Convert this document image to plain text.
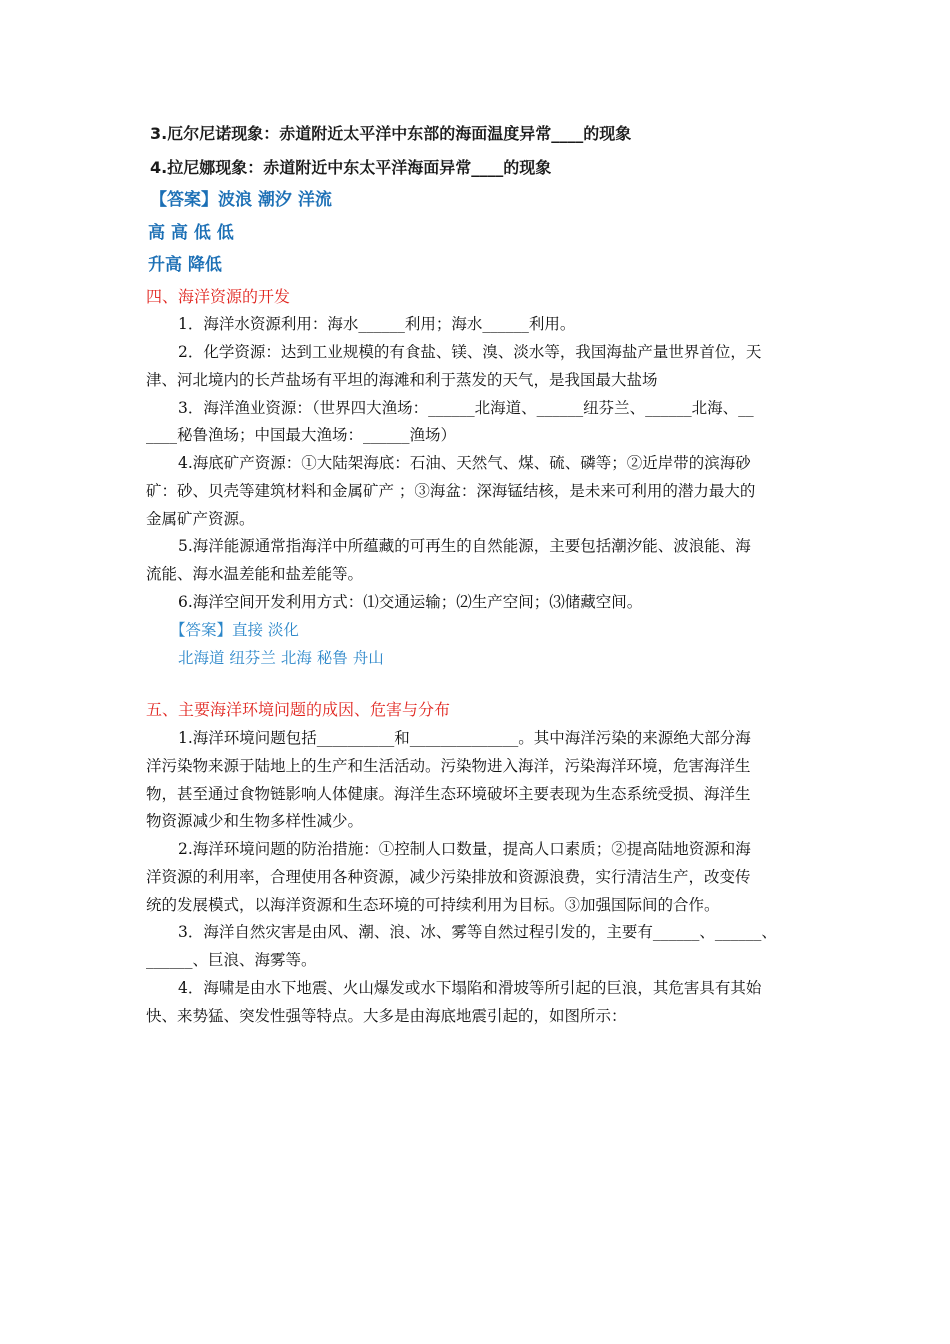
3.厄尔尼诺现象：赤道附近太平洋中东部的海面温度异常____的现象
4.拉尼娜现象：赤道附近中东太平洋海面异常____的现象
【答案】波浪 潮汐 洋流
高 高 低 低
升高 降低
四、海洋资源的开发
1．海洋水资源利用：海水______利用；海水______利用。
2．化学资源：达到工业规模的有食盐、镁、溴、淡水等，我国海盐产量世界首位，天
津、河北境内的长芦盐场有平坦的海滩和利于蒸发的天气，是我国最大盐场
3．海洋渔业资源：（世界四大渔场：______北海道、______纽芬兰、______北海、__
____秘鲁渔场；中国最大渔场：______渔场）
4.海底矿产资源：①大陆架海底：石油、天然气、煤、硫、磷等；②近岸带的滨海砂
矿：砂、贝壳等建筑材料和金属矿产 ；③海盆：深海锰结核，是未来可利用的潜力最大的
金属矿产资源。
5.海洋能源通常指海洋中所蕴藏的可再生的自然能源，主要包括潮汐能、波浪能、海
流能、海水温差能和盐差能等。
6.海洋空间开发利用方式：⑴交通运输；⑵生产空间；⑶储藏空间。
【答案】直接 淡化
北海道 纽芬兰 北海 秘鲁 舟山
五、主要海洋环境问题的成因、危害与分布
1.海洋环境问题包括__________和______________。其中海洋污染的来源绝大部分海
洋污染物来源于陆地上的生产和生活活动。污染物进入海洋，污染海洋环境，危害海洋生
物，甚至通过食物链影响人体健康。海洋生态环境破坏主要表现为生态系统受损、海洋生
物资源减少和生物多样性减少。
2.海洋环境问题的防治措施：①控制人口数量，提高人口素质；②提高陆地资源和海
洋资源的利用率，合理使用各种资源，减少污染排放和资源浪费，实行清洁生产，改变传
统的发展模式，以海洋资源和生态环境的可持续利用为目标。③加强国际间的合作。
3．海洋自然灾害是由风、潮、浪、冰、雾等自然过程引发的，主要有______、______、
______、巨浪、海雾等。
4．海啸是由水下地震、火山爆发或水下塌陷和滑坡等所引起的巨浪，其危害具有其始
快、来势猛、突发性强等特点。大多是由海底地震引起的，如图所示：
